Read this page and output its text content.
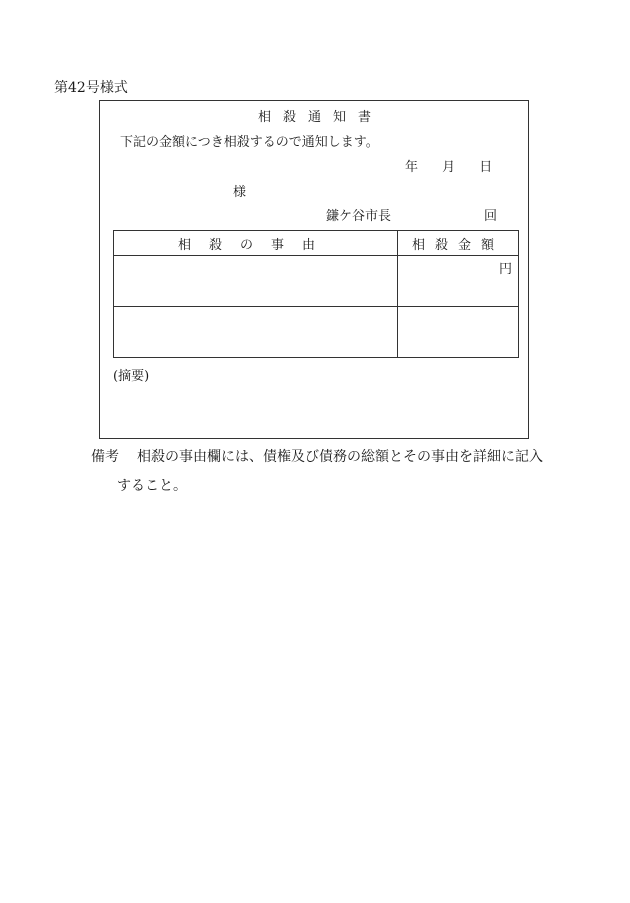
第42号様式
相殺通知書
下記の金額につき相殺するので通知します。
年 月 日
様
鎌ケ谷市長	回
相殺の事由	相殺金額

	円

(摘要)
備考 相殺の事由欄には、債権及び債務の総額とその事由を詳細に記入
すること。
